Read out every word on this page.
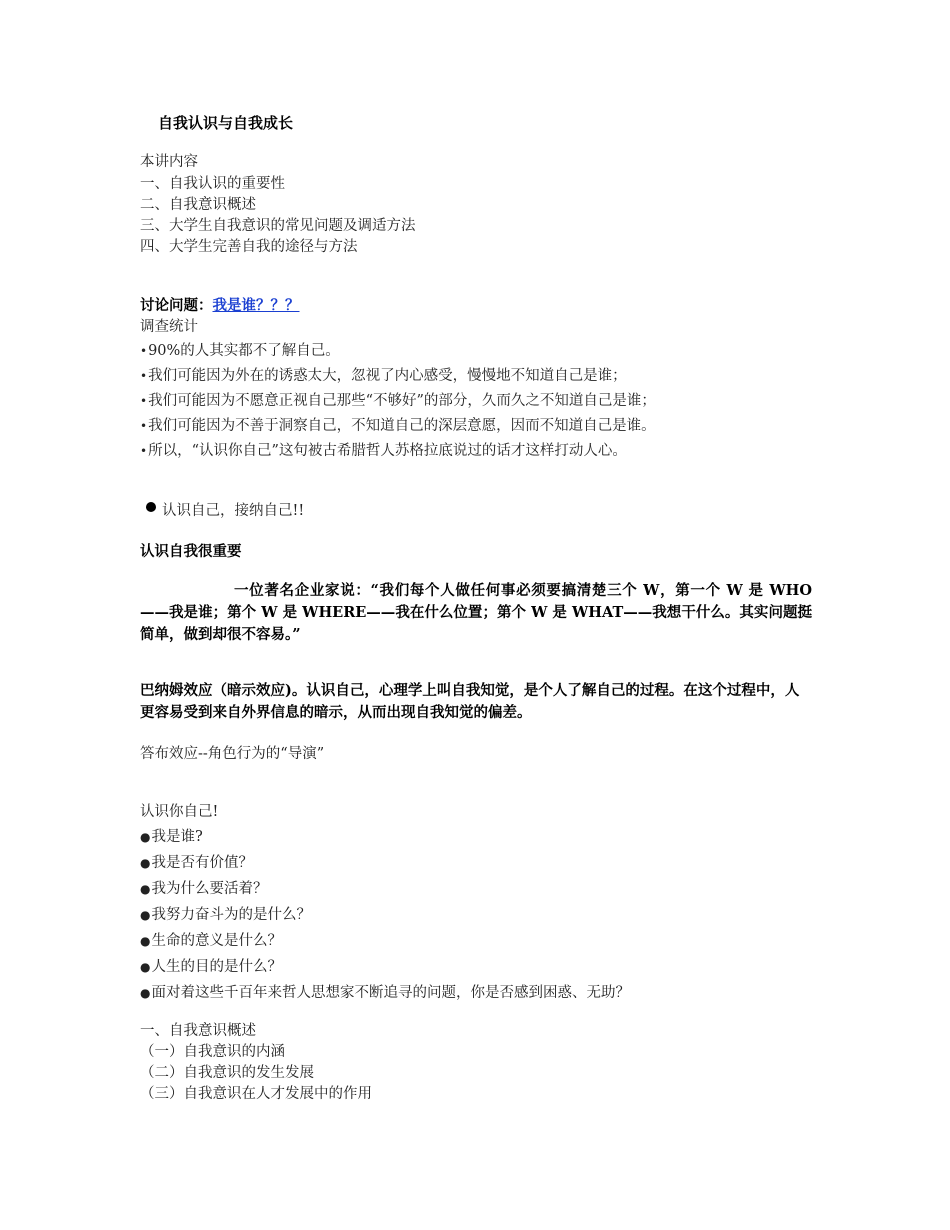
自我认识与自我成长
本讲内容
一、自我认识的重要性
二、自我意识概述
三、大学生自我意识的常见问题及调适方法
四、大学生完善自我的途径与方法
讨论问题：我是谁？？？
调查统计
•90%的人其实都不了解自己。
•我们可能因为外在的诱惑太大，忽视了内心感受，慢慢地不知道自己是谁；
•我们可能因为不愿意正视自己那些“不够好”的部分，久而久之不知道自己是谁；
•我们可能因为不善于洞察自己，不知道自己的深层意愿，因而不知道自己是谁。
•所以，“认识你自己”这句被古希腊哲人苏格拉底说过的话才这样打动人心。
认识自己，接纳自己!!
认识自我很重要
一位著名企业家说：“我们每个人做任何事必须要搞清楚三个 W，第一个 W 是 WHO——我是谁；第个 W 是 WHERE——我在什么位置；第个 W 是 WHAT——我想干什么。其实问题挺简单，做到却很不容易。”
巴纳姆效应（暗示效应)。认识自己，心理学上叫自我知觉，是个人了解自己的过程。在这个过程中，人更容易受到来自外界信息的暗示，从而出现自我知觉的偏差。
答布效应--角色行为的“导演”
认识你自己!
●我是谁?
●我是否有价值？
●我为什么要活着？
●我努力奋斗为的是什么？
●生命的意义是什么？
●人生的目的是什么？
●面对着这些千百年来哲人思想家不断追寻的问题，你是否感到困惑、无助？
一、自我意识概述
（一）自我意识的内涵
（二）自我意识的发生发展
（三）自我意识在人才发展中的作用
